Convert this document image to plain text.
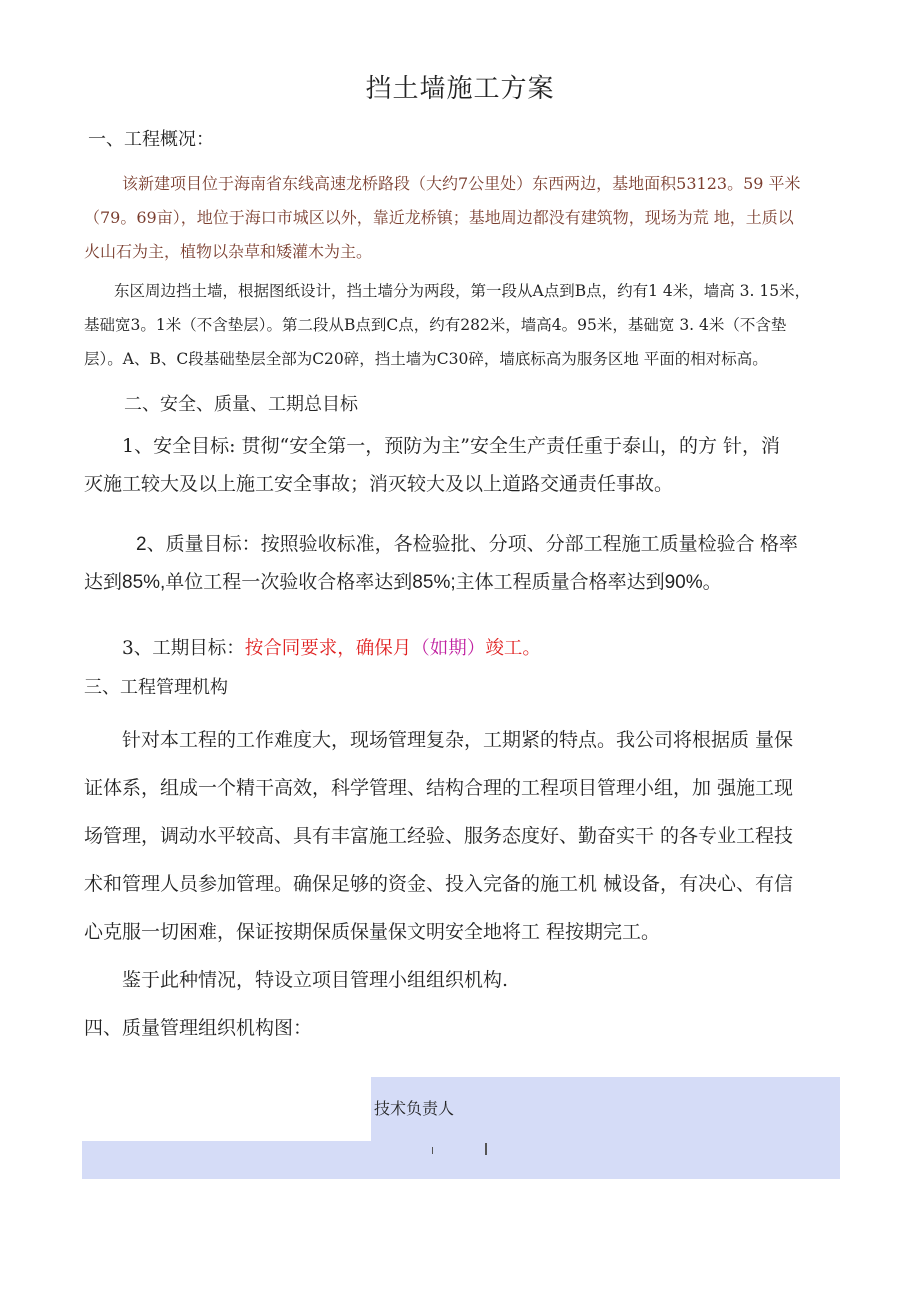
挡土墙施工方案
一、工程概况：
该新建项目位于海南省东线高速龙桥路段（大约7公里处）东西两边，基地面积53123。59 平米
（79。69亩），地位于海口市城区以外，靠近龙桥镇；基地周边都没有建筑物，现场为荒 地，土质以
火山石为主，植物以杂草和矮灌木为主。
东区周边挡土墙，根据图纸设计，挡土墙分为两段，第一段从A点到B点，约有1 4米，墙高 3. 15米，
基础宽3。1米（不含垫层）。第二段从B点到C点，约有282米，墙高4。95米，基础宽 3. 4米（不含垫
层）。A、B、C段基础垫层全部为C20碎，挡土墙为C30碎，墙底标高为服务区地 平面的相对标高。
二、安全、质量、工期总目标
1、安全目标: 贯彻“安全第一，预防为主”安全生产责任重于泰山，的方 针，消
灭施工较大及以上施工安全事故；消灭较大及以上道路交通责任事故。
2、质量目标：按照验收标准，各检验批、分项、分部工程施工质量检验合 格率
达到85%,单位工程一次验收合格率达到85%;主体工程质量合格率达到90%。
3、工期目标：按合同要求，确保月（如期）竣工。
三、工程管理机构
针对本工程的工作难度大，现场管理复杂，工期紧的特点。我公司将根据质 量保
证体系，组成一个精干高效，科学管理、结构合理的工程项目管理小组，加 强施工现
场管理，调动水平较高、具有丰富施工经验、服务态度好、勤奋实干 的各专业工程技
术和管理人员参加管理。确保足够的资金、投入完备的施工机 械设备，有决心、有信
心克服一切困难，保证按期保质保量保文明安全地将工 程按期完工。
鉴于此种情况，特设立项目管理小组组织机构.
四、质量管理组织机构图：
技术负责人
